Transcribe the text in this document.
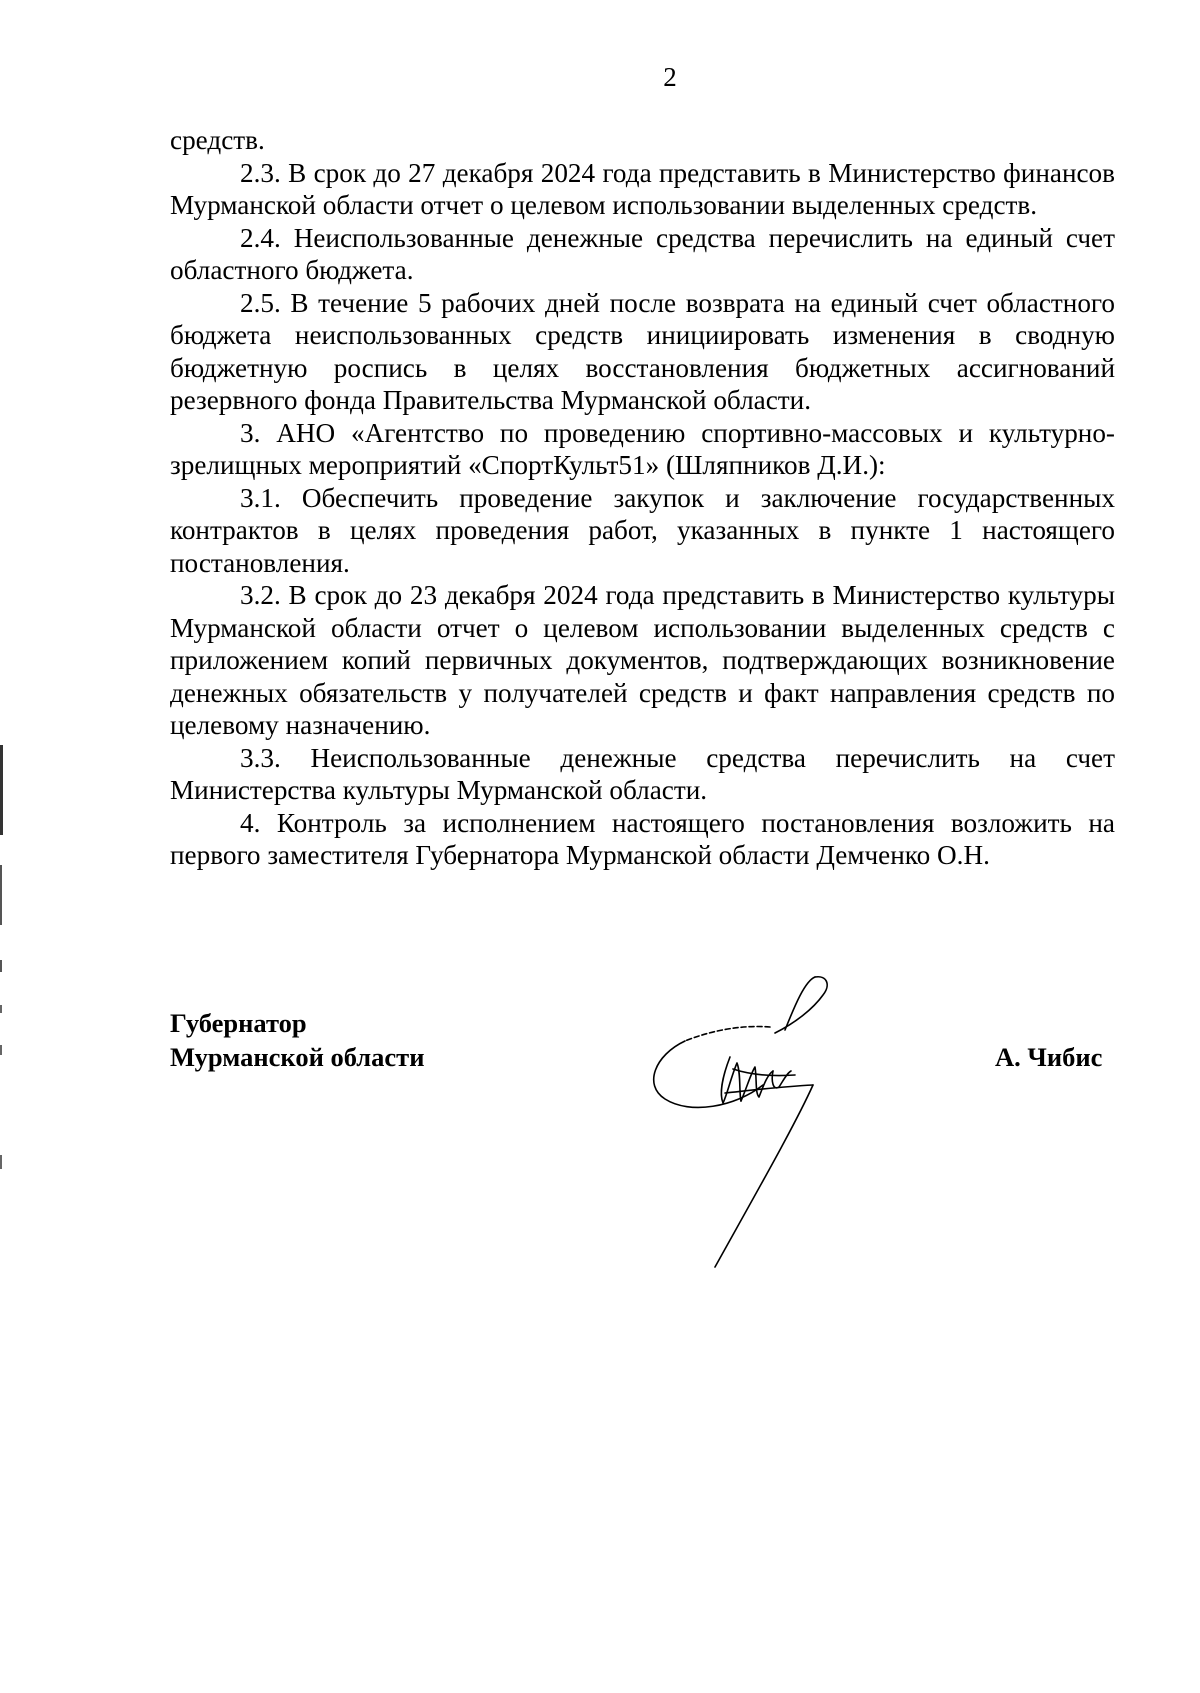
2

средств.

2.3. В срок до 27 декабря 2024 года представить в Министерство финансов Мурманской области отчет о целевом использовании выделенных средств.

2.4. Неиспользованные денежные средства перечислить на единый счет областного бюджета.

2.5. В течение 5 рабочих дней после возврата на единый счет областного бюджета неиспользованных средств инициировать изменения в сводную бюджетную роспись в целях восстановления бюджетных ассигнований резервного фонда Правительства Мурманской области.

3. АНО «Агентство по проведению спортивно-массовых и культурно-зрелищных мероприятий «СпортКульт51» (Шляпников Д.И.):

3.1. Обеспечить проведение закупок и заключение государственных контрактов в целях проведения работ, указанных в пункте 1 настоящего постановления.

3.2. В срок до 23 декабря 2024 года представить в Министерство культуры Мурманской области отчет о целевом использовании выделенных средств с приложением копий первичных документов, подтверждающих возникновение денежных обязательств у получателей средств и факт направления средств по целевому назначению.

3.3. Неиспользованные денежные средства перечислить на счет Министерства культуры Мурманской области.

4. Контроль за исполнением настоящего постановления возложить на первого заместителя Губернатора Мурманской области Демченко О.Н.

Губернатор
Мурманской области	А. Чибис
